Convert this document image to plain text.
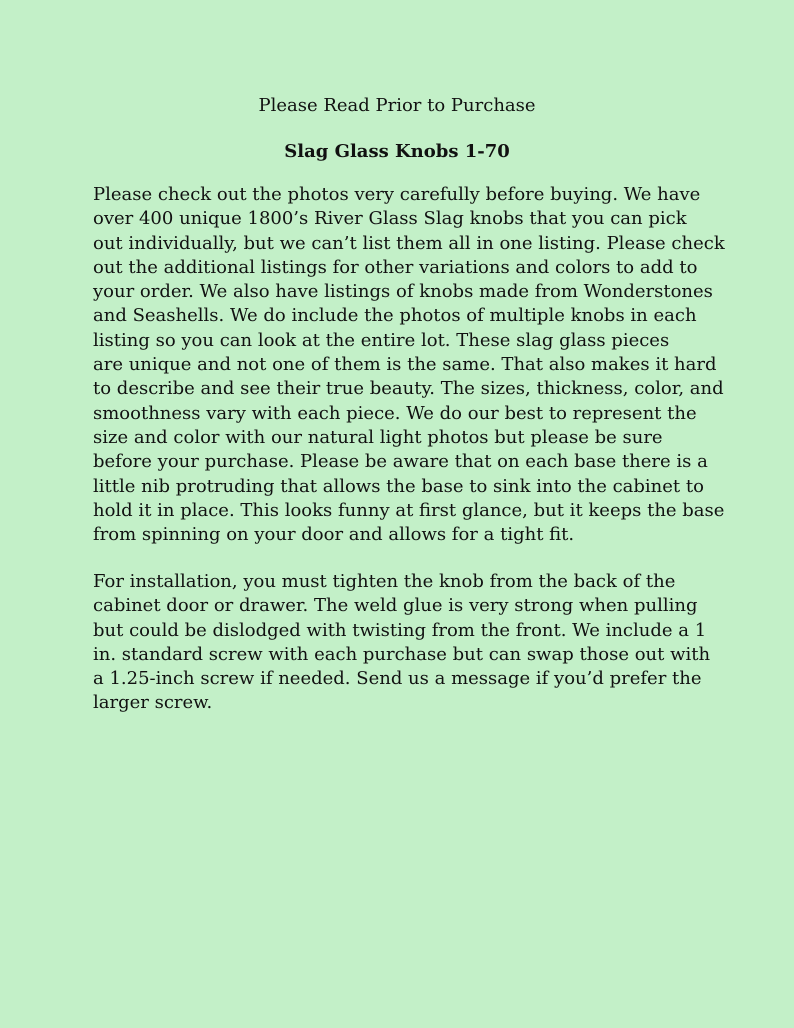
Please Read Prior to Purchase
Slag Glass Knobs 1-70
Please check out the photos very carefully before buying. We have
over 400 unique 1800’s River Glass Slag knobs that you can pick
out individually, but we can’t list them all in one listing. Please check
out the additional listings for other variations and colors to add to
your order. We also have listings of knobs made from Wonderstones
and Seashells. We do include the photos of multiple knobs in each
listing so you can look at the entire lot. These slag glass pieces
are unique and not one of them is the same. That also makes it hard
to describe and see their true beauty. The sizes, thickness, color, and
smoothness vary with each piece. We do our best to represent the
size and color with our natural light photos but please be sure
before your purchase. Please be aware that on each base there is a
little nib protruding that allows the base to sink into the cabinet to
hold it in place. This looks funny at first glance, but it keeps the base
from spinning on your door and allows for a tight fit.
For installation, you must tighten the knob from the back of the
cabinet door or drawer. The weld glue is very strong when pulling
but could be dislodged with twisting from the front. We include a 1
in. standard screw with each purchase but can swap those out with
a 1.25-inch screw if needed. Send us a message if you’d prefer the
larger screw.
